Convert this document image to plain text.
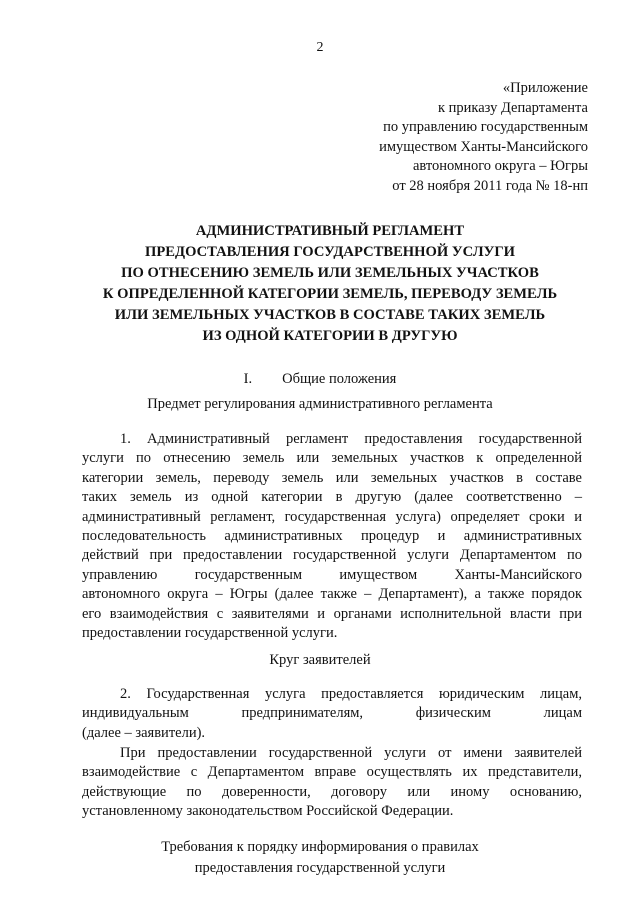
2
«Приложение
к приказу Департамента
по управлению государственным
имуществом Ханты-Мансийского
автономного округа – Югры
от 28 ноября 2011 года № 18-нп
АДМИНИСТРАТИВНЫЙ РЕГЛАМЕНТ
ПРЕДОСТАВЛЕНИЯ ГОСУДАРСТВЕННОЙ УСЛУГИ
ПО ОТНЕСЕНИЮ ЗЕМЕЛЬ ИЛИ ЗЕМЕЛЬНЫХ УЧАСТКОВ
К ОПРЕДЕЛЕННОЙ КАТЕГОРИИ ЗЕМЕЛЬ, ПЕРЕВОДУ ЗЕМЕЛЬ
ИЛИ ЗЕМЕЛЬНЫХ УЧАСТКОВ В СОСТАВЕ ТАКИХ ЗЕМЕЛЬ
ИЗ ОДНОЙ КАТЕГОРИИ В ДРУГУЮ
I. Общие положения
Предмет регулирования административного регламента
1. Административный регламент предоставления государственной
услуги по отнесению земель или земельных участков к определенной
категории земель, переводу земель или земельных участков в составе
таких земель из одной категории в другую (далее соответственно –
административный регламент, государственная услуга) определяет сроки и
последовательность административных процедур и административных
действий при предоставлении государственной услуги Департаментом по
управлению государственным имуществом Ханты-Мансийского
автономного округа – Югры (далее также – Департамент), а также порядок
его взаимодействия с заявителями и органами исполнительной власти при
предоставлении государственной услуги.
Круг заявителей
2. Государственная услуга предоставляется юридическим лицам,
индивидуальным предпринимателям, физическим лицам
(далее – заявители).
При предоставлении государственной услуги от имени заявителей
взаимодействие с Департаментом вправе осуществлять их представители,
действующие по доверенности, договору или иному основанию,
установленному законодательством Российской Федерации.
Требования к порядку информирования о правилах
предоставления государственной услуги
